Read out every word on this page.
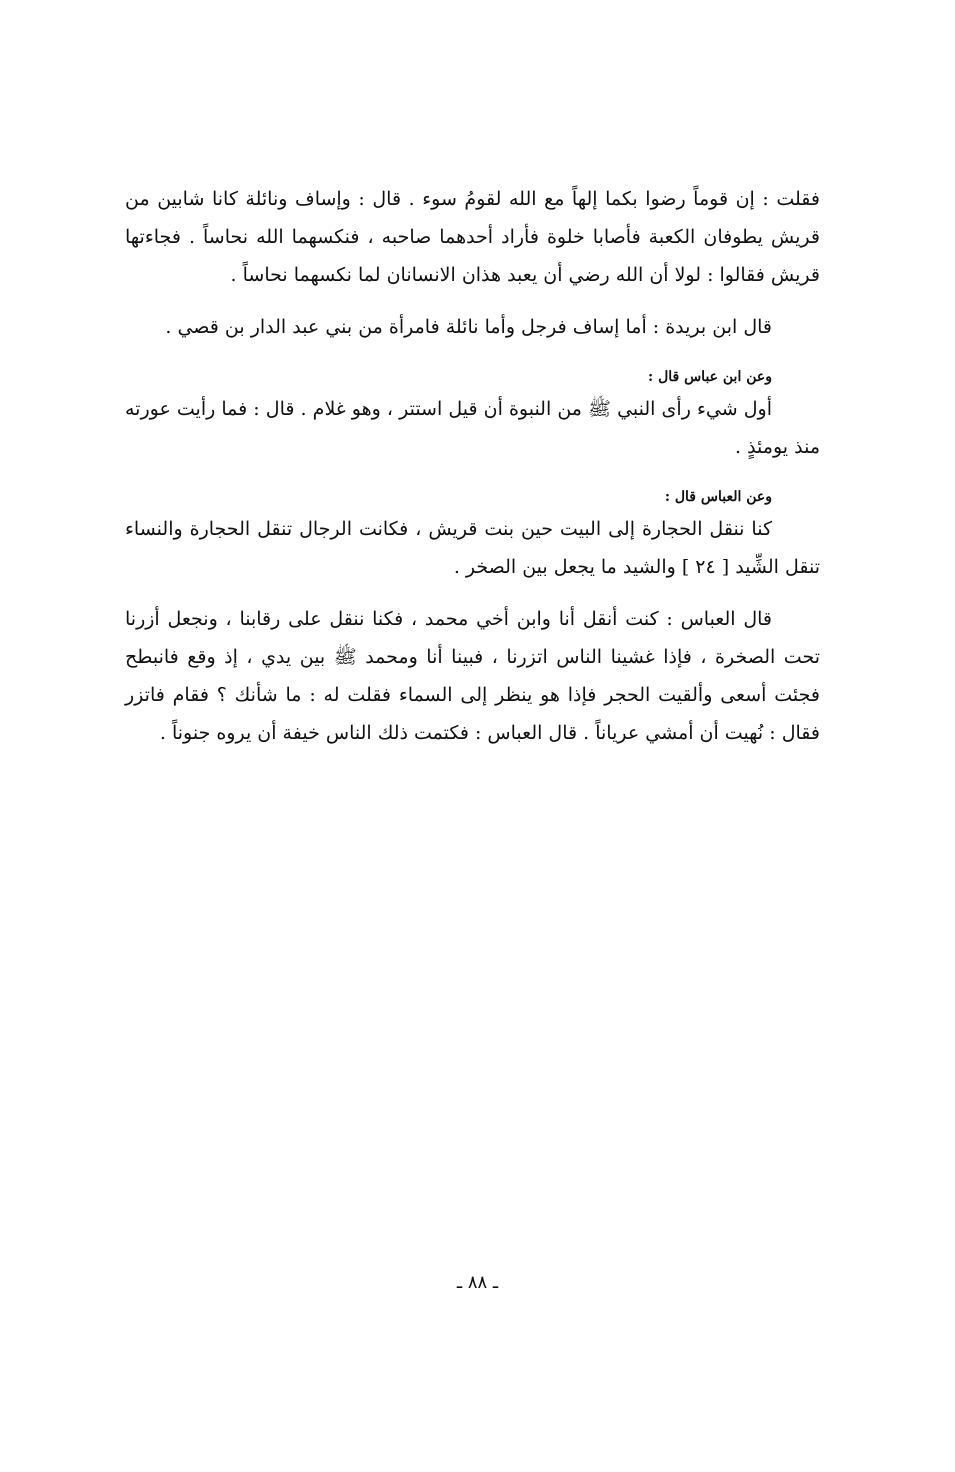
فقلت : إن قوماً رضوا بكما إلهاً مع الله لقومُ سوء . قال : وإساف ونائلة كانا شابين من قريش يطوفان الكعبة فأصابا خلوة فأراد أحدهما صاحبه ، فنكسهما الله نحاساً . فجاءتها قريش فقالوا : لولا أن الله رضي أن يعبد هذان الانسانان لما نكسهما نحاساً .

قال ابن بريدة : أما إساف فرجل وأما نائلة فامرأة من بني عبد الدار بن قصي .

وعن ابن عباس قال :

أول شيء رأى النبي ﷺ من النبوة أن قيل استتر ، وهو غلام . قال : فما رأيت عورته منذ يومئذٍ .

وعن العباس قال :

كنا ننقل الحجارة إلى البيت حين بنت قريش ، فكانت الرجال تنقل الحجارة والنساء تنقل الشِّيد [ ٢٤ ] والشيد ما يجعل بين الصخر .

قال العباس : كنت أنقل أنا وابن أخي محمد ، فكنا ننقل على رقابنا ، ونجعل أزرنا تحت الصخرة ، فإذا غشينا الناس اتزرنا ، فبينا أنا ومحمد ﷺ بين يدي ، إذ وقع فانبطح فجئت أسعى وألقيت الحجر فإذا هو ينظر إلى السماء فقلت له : ما شأنك ؟ فقام فاتزر فقال : نُهيت أن أمشي عرياناً . قال العباس : فكتمت ذلك الناس خيفة أن يروه جنوناً .

ـ ٨٨ ـ
